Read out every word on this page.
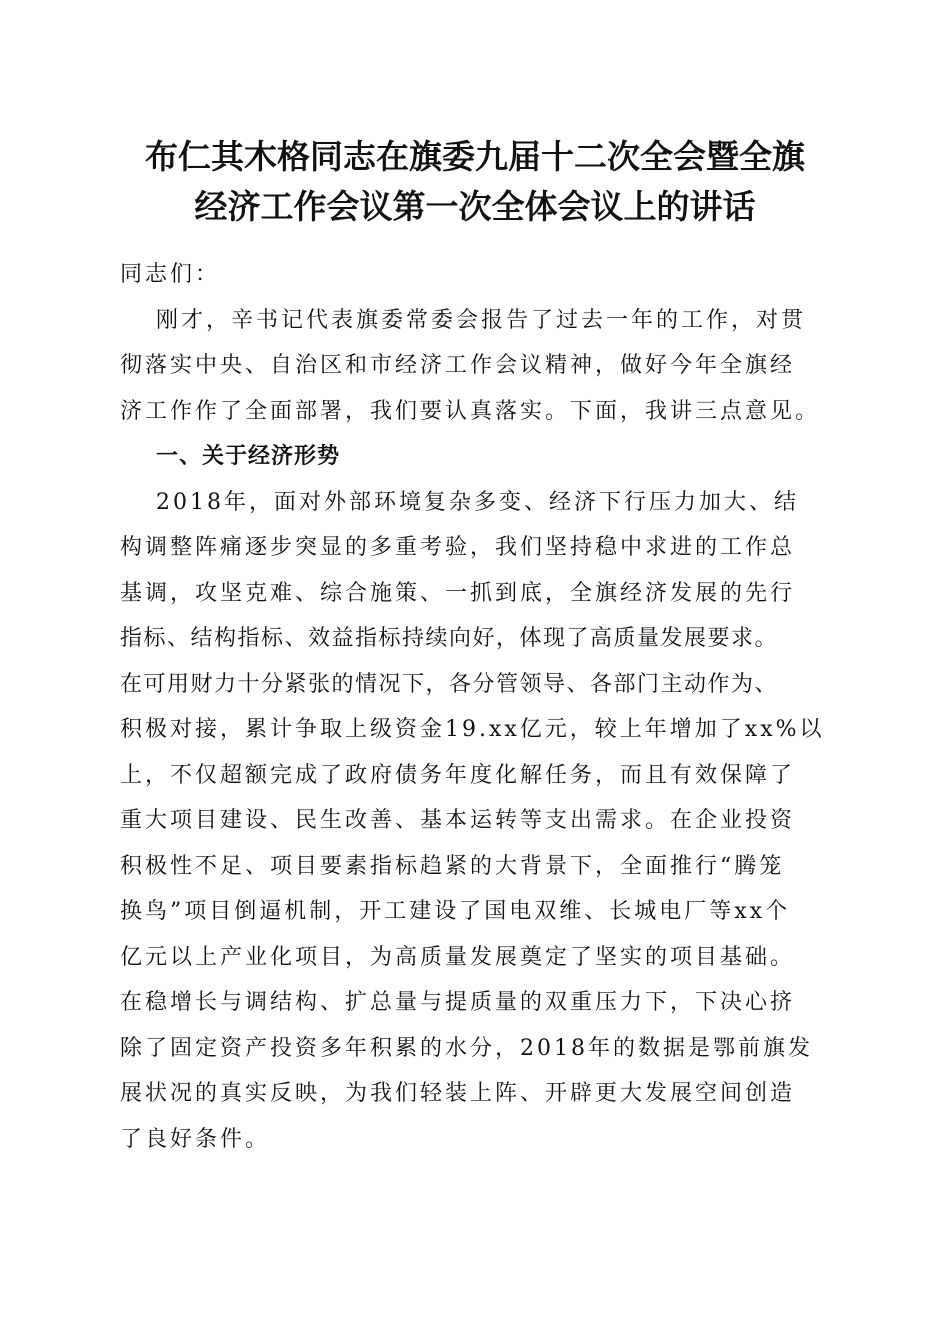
布仁其木格同志在旗委九届十二次全会暨全旗
经济工作会议第一次全体会议上的讲话

同志们：

刚才，辛书记代表旗委常委会报告了过去一年的工作，对贯

彻落实中央、自治区和市经济工作会议精神，做好今年全旗经

济工作作了全面部署，我们要认真落实。下面，我讲三点意见。

一、关于经济形势

2018年，面对外部环境复杂多变、经济下行压力加大、结

构调整阵痛逐步突显的多重考验，我们坚持稳中求进的工作总

基调，攻坚克难、综合施策、一抓到底，全旗经济发展的先行

指标、结构指标、效益指标持续向好，体现了高质量发展要求。

在可用财力十分紧张的情况下，各分管领导、各部门主动作为、

积极对接，累计争取上级资金19.xx亿元，较上年增加了xx%以

上，不仅超额完成了政府债务年度化解任务，而且有效保障了

重大项目建设、民生改善、基本运转等支出需求。在企业投资

积极性不足、项目要素指标趋紧的大背景下，全面推行“腾笼

换鸟”项目倒逼机制，开工建设了国电双维、长城电厂等xx个

亿元以上产业化项目，为高质量发展奠定了坚实的项目基础。

在稳增长与调结构、扩总量与提质量的双重压力下，下决心挤

除了固定资产投资多年积累的水分，2018年的数据是鄂前旗发

展状况的真实反映，为我们轻装上阵、开辟更大发展空间创造

了良好条件。
